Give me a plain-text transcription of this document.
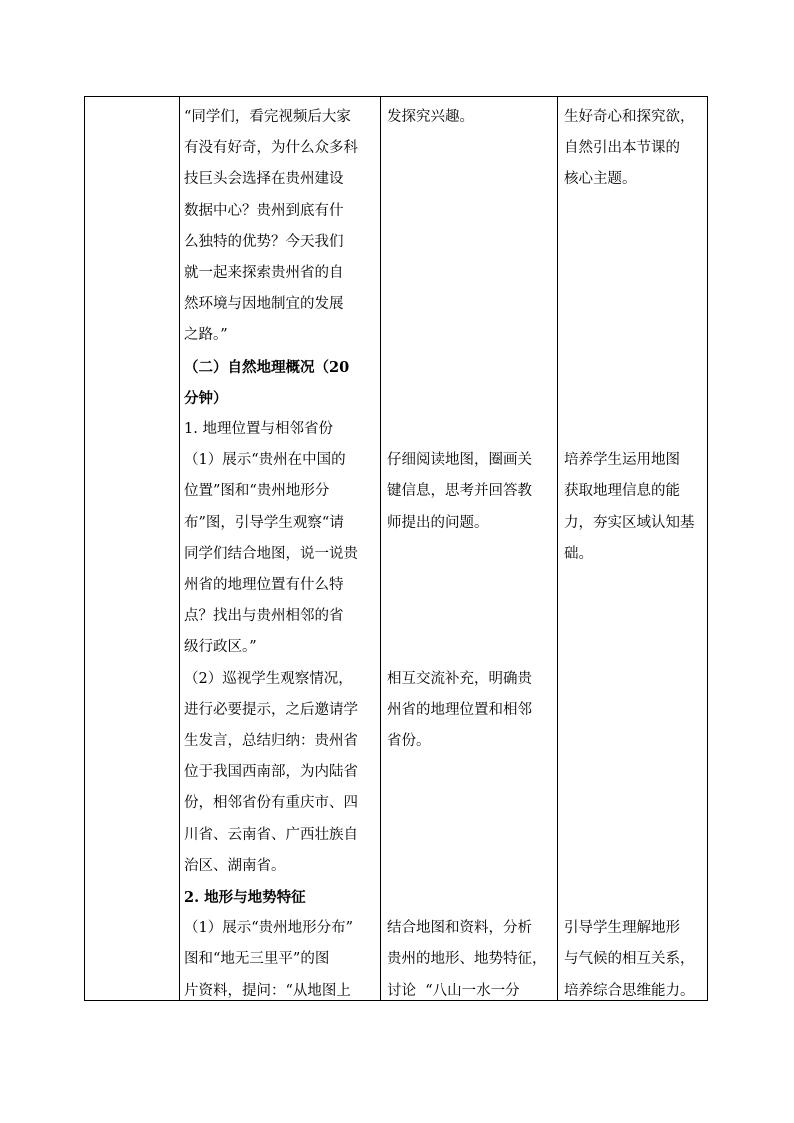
“同学们，看完视频后大家
有没有好奇，为什么众多科
技巨头会选择在贵州建设
数据中心？贵州到底有什
么独特的优势？今天我们
就一起来探索贵州省的自
然环境与因地制宜的发展
之路。”
（二）自然地理概况（20
分钟）
1. 地理位置与相邻省份
（1）展示“贵州在中国的
位置”图和“贵州地形分
布”图，引导学生观察“请
同学们结合地图，说一说贵
州省的地理位置有什么特
点？找出与贵州相邻的省
级行政区。”
（2）巡视学生观察情况，
进行必要提示，之后邀请学
生发言，总结归纳：贵州省
位于我国西南部，为内陆省
份，相邻省份有重庆市、四
川省、云南省、广西壮族自
治区、湖南省。
2. 地形与地势特征
（1）展示“贵州地形分布”
图和“地无三里平”的图
片资料，提问：“从地图上
发探究兴趣。

仔细阅读地图，圈画关
键信息，思考并回答教
师提出的问题。

相互交流补充，明确贵
州省的地理位置和相邻
省份。

结合地图和资料，分析
贵州的地形、地势特征，
讨论  “八山一水一分
生好奇心和探究欲，
自然引出本节课的
核心主题。

培养学生运用地图
获取地理信息的能
力，夯实区域认知基
础。

引导学生理解地形
与气候的相互关系，
培养综合思维能力。
